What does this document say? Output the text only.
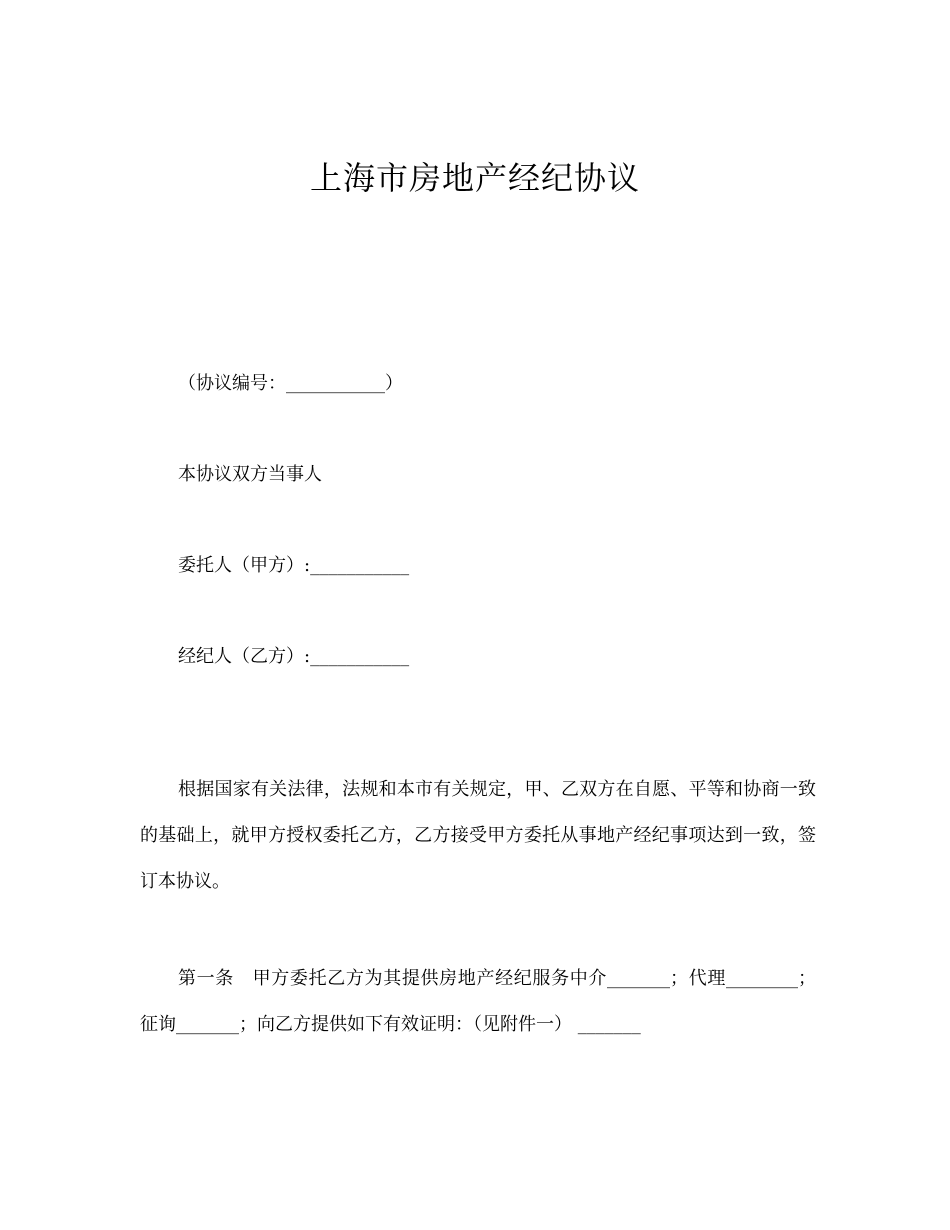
上海市房地产经纪协议

（协议编号：___________）

本协议双方当事人

委托人（甲方）:___________

经纪人（乙方）:___________

根据国家有关法律，法规和本市有关规定，甲、乙双方在自愿、平等和协商一致的基础上，就甲方授权委托乙方，乙方接受甲方委托从事地产经纪事项达到一致，签订本协议。

第一条　甲方委托乙方为其提供房地产经纪服务中介_______；代理________；征询_______；向乙方提供如下有效证明：（见附件一） _______
